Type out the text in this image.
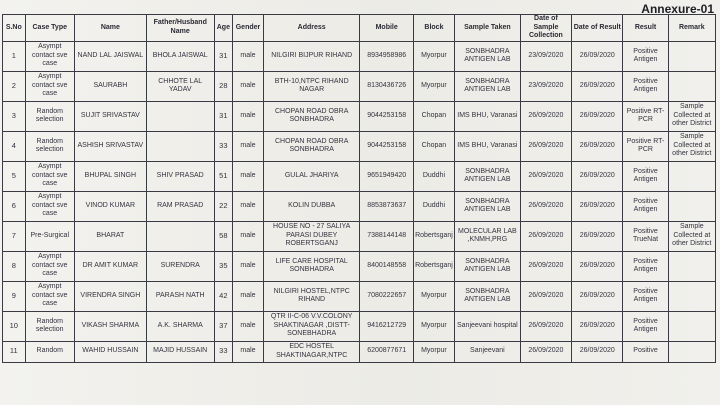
Annexure-01
S.No	Case Type	Name	Father/Husband Name	Age	Gender	Address	Mobile	Block	Sample Taken	Date of Sample Collection	Date of Result	Result	Remark
1	Asympt contact sve case	NAND LAL JAISWAL	BHOLA JAISWAL	31	male	NILGIRI BIJPUR RIHAND	8934958986	Myorpur	SONBHADRA ANTIGEN LAB	23/09/2020	26/09/2020	Positive Antigen	
2	Asympt contact sve case	SAURABH	CHHOTE LAL YADAV	28	male	BTH-10,NTPC RIHAND NAGAR	8130436726	Myorpur	SONBHADRA ANTIGEN LAB	23/09/2020	26/09/2020	Positive Antigen	
3	Random selection	SUJIT SRIVASTAV		31	male	CHOPAN ROAD OBRA SONBHADRA	9044253158	Chopan	IMS BHU, Varanasi	26/09/2020	26/09/2020	Positive RT-PCR	Sample Collected at other District
4	Random selection	ASHISH SRIVASTAV		33	male	CHOPAN ROAD OBRA SONBHADRA	9044253158	Chopan	IMS BHU, Varanasi	26/09/2020	26/09/2020	Positive RT-PCR	Sample Collected at other District
5	Asympt contact sve case	BHUPAL SINGH	SHIV PRASAD	51	male	GULAL JHARIYA	9651949420	Duddhi	SONBHADRA ANTIGEN LAB	26/09/2020	26/09/2020	Positive Antigen	
6	Asympt contact sve case	VINOD KUMAR	RAM PRASAD	22	male	KOLIN DUBBA	8853873637	Duddhi	SONBHADRA ANTIGEN LAB	26/09/2020	26/09/2020	Positive Antigen	
7	Pre-Surgical	BHARAT		58	male	HOUSE NO - 27 SALIYA PARASI DUBEY ROBERTSGANJ	7388144148	Robertsganj	MOLECULAR LAB ,KNMH,PRG	26/09/2020	26/09/2020	Positive TrueNat	Sample Collected at other District
8	Asympt contact sve case	DR AMIT KUMAR	SURENDRA	35	male	LIFE CARE HOSPITAL SONBHADRA	8400148558	Robertsganj	SONBHADRA ANTIGEN LAB	26/09/2020	26/09/2020	Positive Antigen	
9	Asympt contact sve case	VIRENDRA SINGH	PARASH NATH	42	male	NILGIRI HOSTEL,NTPC RIHAND	7080222657	Myorpur	SONBHADRA ANTIGEN LAB	26/09/2020	26/09/2020	Positive Antigen	
10	Random selection	VIKASH SHARMA	A.K. SHARMA	37	male	QTR II-C-06 V.V.COLONY SHAKTINAGAR ,DISTT-SONEBHADRA	9416212729	Myorpur	Sanjeevani hospital	26/09/2020	26/09/2020	Positive Antigen	
11	Random	WAHID HUSSAIN	MAJID HUSSAIN	33	male	EDC HOSTEL SHAKTINAGAR,NTPC	6200877671	Myorpur	Sanjeevani	26/09/2020	26/09/2020	Positive	
